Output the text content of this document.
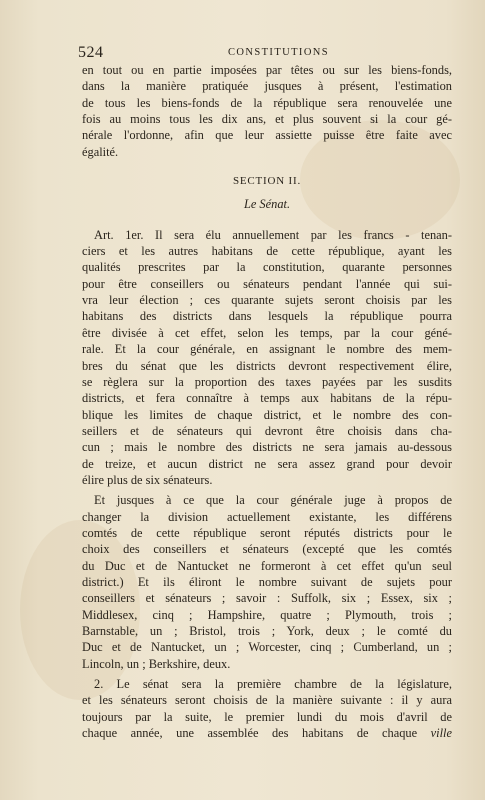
524	CONSTITUTIONS
en tout ou en partie imposées par têtes ou sur les biens-fonds,
dans la manière pratiquée jusques à présent, l'estimation
de tous les biens-fonds de la république sera renouvelée une
fois au moins tous les dix ans, et plus souvent si la cour gé-
nérale l'ordonne, afin que leur assiette puisse être faite avec
égalité.
SECTION II.
Le Sénat.
Art. 1er. Il sera élu annuellement par les francs - tenan-
ciers et les autres habitans de cette république, ayant les
qualités prescrites par la constitution, quarante personnes
pour être conseillers ou sénateurs pendant l'année qui sui-
vra leur élection ; ces quarante sujets seront choisis par les
habitans des districts dans lesquels la république pourra
être divisée à cet effet, selon les temps, par la cour géné-
rale. Et la cour générale, en assignant le nombre des mem-
bres du sénat que les districts devront respectivement élire,
se règlera sur la proportion des taxes payées par les susdits
districts, et fera connaître à temps aux habitans de la répu-
blique les limites de chaque district, et le nombre des con-
seillers et de sénateurs qui devront être choisis dans cha-
cun ; mais le nombre des districts ne sera jamais au-dessous
de treize, et aucun district ne sera assez grand pour devoir
élire plus de six sénateurs.
Et jusques à ce que la cour générale juge à propos de
changer la division actuellement existante, les différens
comtés de cette république seront réputés districts pour le
choix des conseillers et sénateurs (excepté que les comtés
du Duc et de Nantucket ne formeront à cet effet qu'un seul
district.) Et ils éliront le nombre suivant de sujets pour
conseillers et sénateurs ; savoir : Suffolk, six ; Essex, six ;
Middlesex, cinq ; Hampshire, quatre ; Plymouth, trois ;
Barnstable, un ; Bristol, trois ; York, deux ; le comté du
Duc et de Nantucket, un ; Worcester, cinq ; Cumberland, un ;
Lincoln, un ; Berkshire, deux.
2. Le sénat sera la première chambre de la législature,
et les sénateurs seront choisis de la manière suivante : il y aura
toujours par la suite, le premier lundi du mois d'avril de
chaque année, une assemblée des habitans de chaque ville
